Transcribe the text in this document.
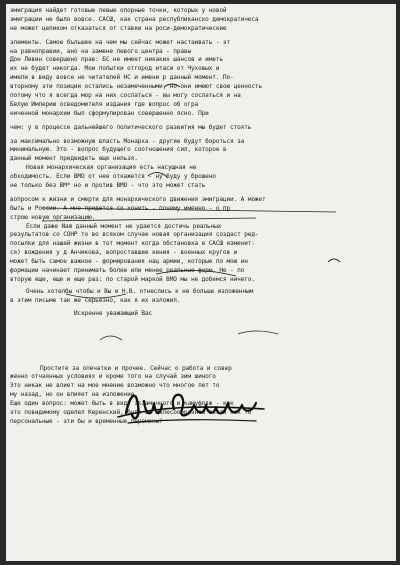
эмиграция найдет готовые левые опорные точки, которых у новой
эмиграции не было вовсе. САСШ, как страна республиканско демократичеса
не может целиком отказаться от ставки на роси-демократические
элементы. Самое бъльшее на чем мы сейчас может настаивать - эт
на равноправии, ано на замене левого центра - правы
Дон Левин совершено прав: БС не имеет никаких шансов и иметь
их не будет никогда. Мои попытки отгород итаси от Чуховых и
имели в виду вовсе не читателей НС и имени р данный момент. По-
вторному эти позиции остались незамеченными, но они имеют свою ценность
потому что я всегда мор на них сослаться - вы могу сослаться и на
Белую Империю осведомителя издания где вопрос об огра
ниченной монархии был сформулирован совершенно ясно. При
чем: у в процессе дальнейшего политического развития мы будет стоять
за максимально возможную власть Монарха - другие будут бороться за
минимальную. Это - вопрос будущего соотношения сил, которое в
данный момент предвидеть еще нельзя.
Новая монархическая организация есть насущная не
обходимость. Если ВМО от нее откажется - ну буду у брошено
не только без ВМ* но и против ВМО - что это может стать
вопросом к жизни и смерти для монархического движения эмиграции. А может
быть и России. А мне придется со хонить - почему именно - о пр
строю новую организацию.
Если даже Nam данный момент не удается достичь реальных
результатов со СОНР то во всяком случае новая организация создаст ред-
посылки для нашей жизни в тот момент когда обстановка в САСШ изменит-
ся) вождения у д Анчикова, вопроставшие кения - военных кругов и
может быть самое важное - формирования нац армии, которые по мою ин
формации начинает принимать более или менее реальные форм. Не - по
вторую еще, еще и еще раз: по старой маркой ВМО мы не добемся ничего.
Очень хотелбы чтобы и Вы и Н.В. отнеслись к не больше изложенным
в этим письме так же серьезно, как я их изложил.
Искренне уважающий Вас
Простите за опечатки и прочее. Сейчас о работа и совер
женно отчаянных условиях и кроме того на случай зим шиного
Это никак не влиет на мое мнение возможно что многое лет то
му назад, но он влияет на изложение.
Еще один вопрос: может быть в виду экзамичного и камуфляж - как
это повидимому оделел Керенский, было бы целесообразнее вести как то
персональные - эти бы и временные перемены?
